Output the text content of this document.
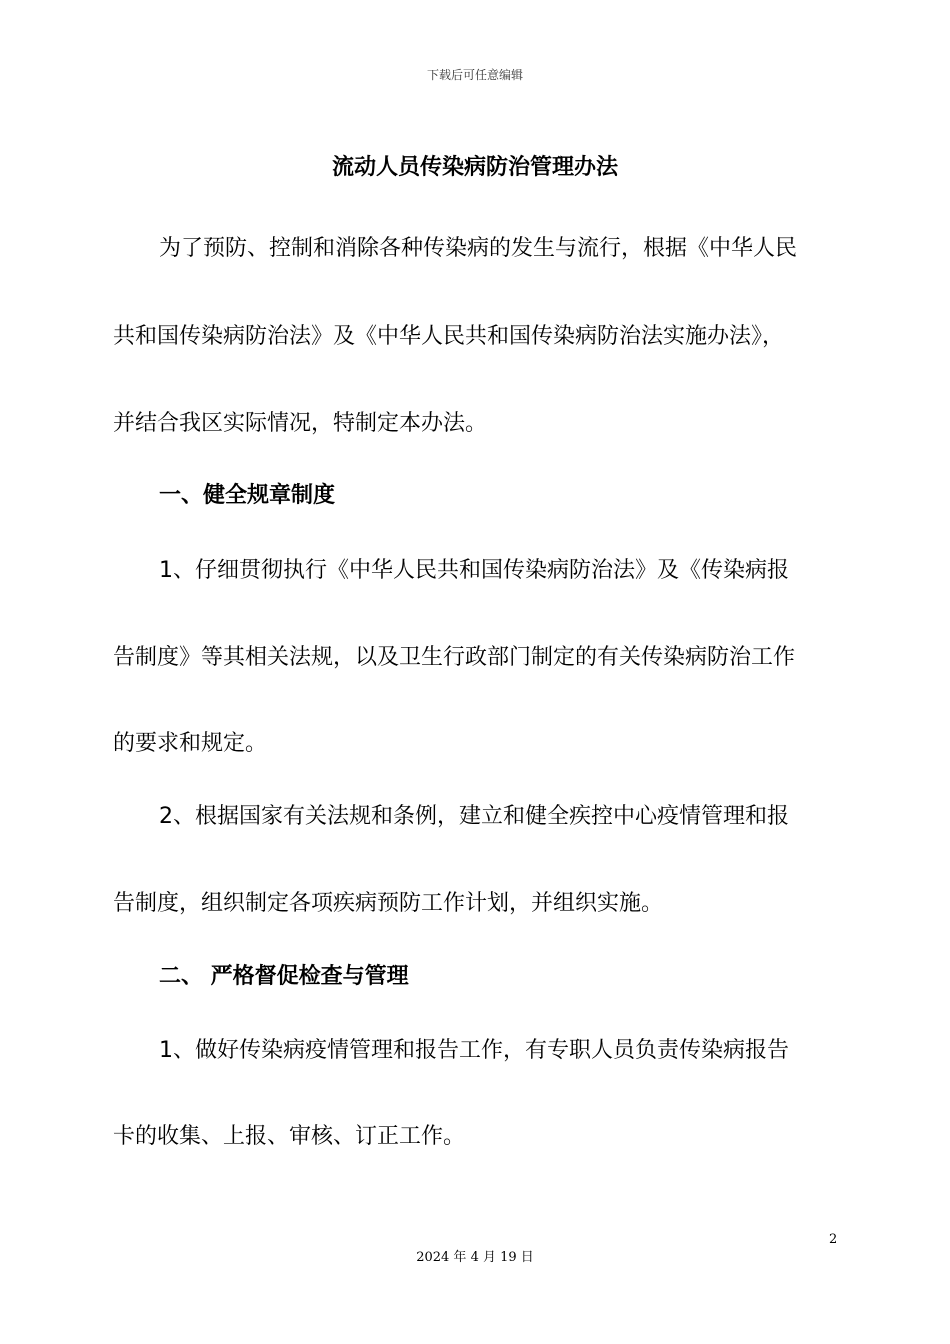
下载后可任意编辑
流动人员传染病防治管理办法

为了预防、控制和消除各种传染病的发生与流行，根据《中华人民

共和国传染病防治法》及《中华人民共和国传染病防治法实施办法》，

并结合我区实际情况，特制定本办法。

一、健全规章制度

1、仔细贯彻执行《中华人民共和国传染病防治法》及《传染病报

告制度》等其相关法规，以及卫生行政部门制定的有关传染病防治工作

的要求和规定。

2、根据国家有关法规和条例，建立和健全疾控中心疫情管理和报

告制度，组织制定各项疾病预防工作计划，并组织实施。

二、 严格督促检查与管理

1、做好传染病疫情管理和报告工作，有专职人员负责传染病报告

卡的收集、上报、审核、订正工作。

2
2024 年 4 月 19 日
